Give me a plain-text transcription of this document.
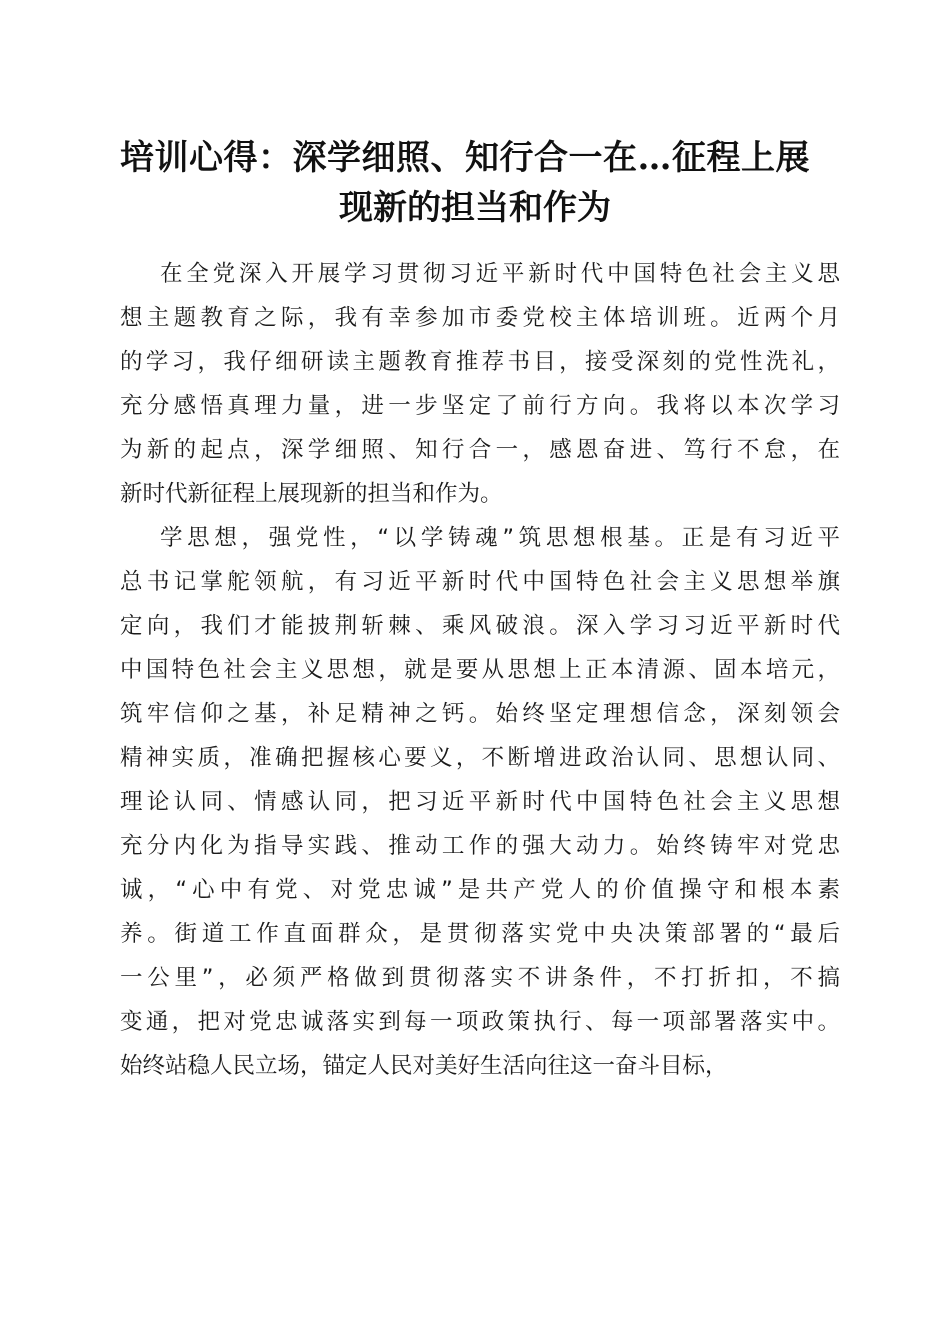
培训心得：深学细照、知行合一在…征程上展
现新的担当和作为
在全党深入开展学习贯彻习近平新时代中国特色社会主义思
想主题教育之际，我有幸参加市委党校主体培训班。近两个月
的学习，我仔细研读主题教育推荐书目，接受深刻的党性洗礼，
充分感悟真理力量，进一步坚定了前行方向。我将以本次学习
为新的起点，深学细照、知行合一，感恩奋进、笃行不怠，在
新时代新征程上展现新的担当和作为。
学思想，强党性，“以学铸魂”筑思想根基。正是有习近平
总书记掌舵领航，有习近平新时代中国特色社会主义思想举旗
定向，我们才能披荆斩棘、乘风破浪。深入学习习近平新时代
中国特色社会主义思想，就是要从思想上正本清源、固本培元，
筑牢信仰之基，补足精神之钙。始终坚定理想信念，深刻领会
精神实质，准确把握核心要义，不断增进政治认同、思想认同、
理论认同、情感认同，把习近平新时代中国特色社会主义思想
充分内化为指导实践、推动工作的强大动力。始终铸牢对党忠
诚，“心中有党、对党忠诚”是共产党人的价值操守和根本素
养。街道工作直面群众，是贯彻落实党中央决策部署的“最后
一公里”，必须严格做到贯彻落实不讲条件，不打折扣，不搞
变通，把对党忠诚落实到每一项政策执行、每一项部署落实中。
始终站稳人民立场，锚定人民对美好生活向往这一奋斗目标，
